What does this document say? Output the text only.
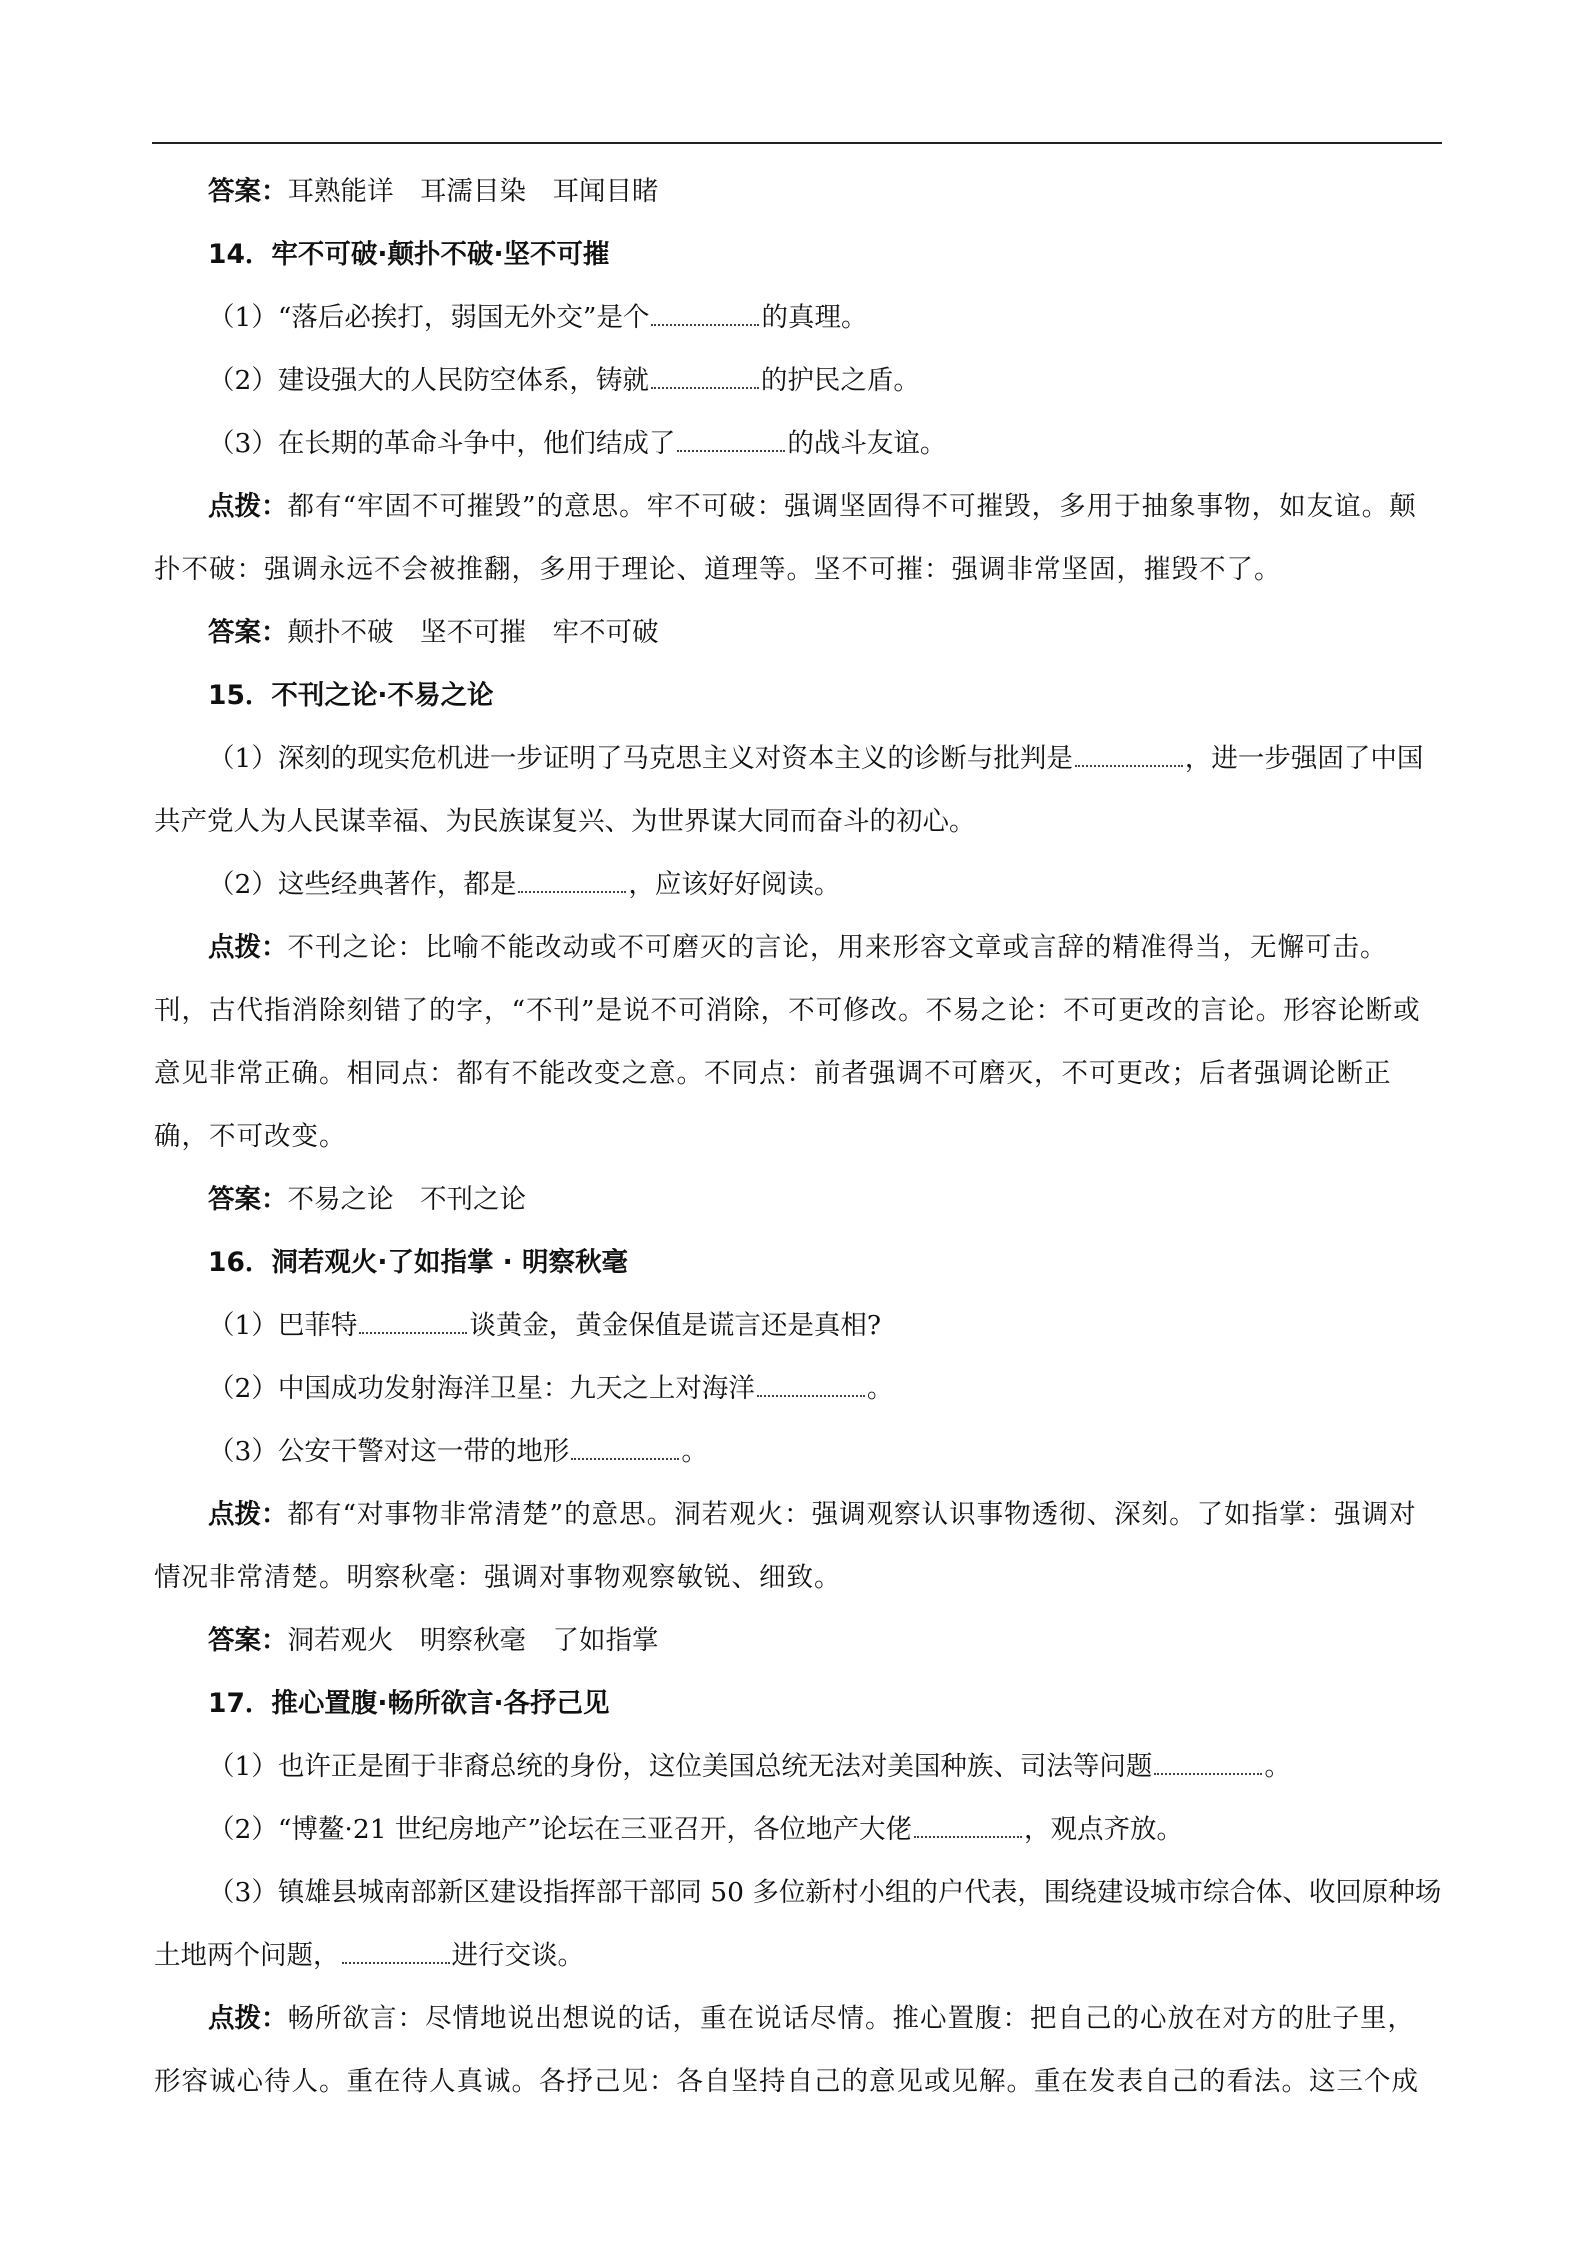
答案：耳熟能详　耳濡目染　耳闻目睹

14．牢不可破·颠扑不破·坚不可摧

（1）“落后必挨打，弱国无外交”是个	的真理。

（2）建设强大的人民防空体系，铸就	的护民之盾。

（3）在长期的革命斗争中，他们结成了	的战斗友谊。

点拨：都有“牢固不可摧毁”的意思。牢不可破：强调坚固得不可摧毁，多用于抽象事物，如友谊。颠扑不破：强调永远不会被推翻，多用于理论、道理等。坚不可摧：强调非常坚固，摧毁不了。

答案：颠扑不破　坚不可摧　牢不可破

15．不刊之论·不易之论

（1）深刻的现实危机进一步证明了马克思主义对资本主义的诊断与批判是	，进一步强固了中国共产党人为人民谋幸福、为民族谋复兴、为世界谋大同而奋斗的初心。

（2）这些经典著作，都是	，应该好好阅读。

点拨：不刊之论：比喻不能改动或不可磨灭的言论，用来形容文章或言辞的精准得当，无懈可击。刊，古代指消除刻错了的字，“不刊”是说不可消除，不可修改。不易之论：不可更改的言论。形容论断或意见非常正确。相同点：都有不能改变之意。不同点：前者强调不可磨灭，不可更改；后者强调论断正确，不可改变。

答案：不易之论　不刊之论

16．洞若观火·了如指掌 · 明察秋毫

（1）巴菲特	谈黄金，黄金保值是谎言还是真相?

（2）中国成功发射海洋卫星：九天之上对海洋	。

（3）公安干警对这一带的地形	。

点拨：都有“对事物非常清楚”的意思。洞若观火：强调观察认识事物透彻、深刻。了如指掌：强调对情况非常清楚。明察秋毫：强调对事物观察敏锐、细致。

答案：洞若观火　明察秋毫　了如指掌

17．推心置腹·畅所欲言·各抒己见

（1）也许正是囿于非裔总统的身份，这位美国总统无法对美国种族、司法等问题	。

（2）“博鳌·21 世纪房地产”论坛在三亚召开，各位地产大佬	，观点齐放。

（3）镇雄县城南部新区建设指挥部干部同 50 多位新村小组的户代表，围绕建设城市综合体、收回原种场土地两个问题，	进行交谈。

点拨：畅所欲言：尽情地说出想说的话，重在说话尽情。推心置腹：把自己的心放在对方的肚子里，形容诚心待人。重在待人真诚。各抒己见：各自坚持自己的意见或见解。重在发表自己的看法。这三个成
